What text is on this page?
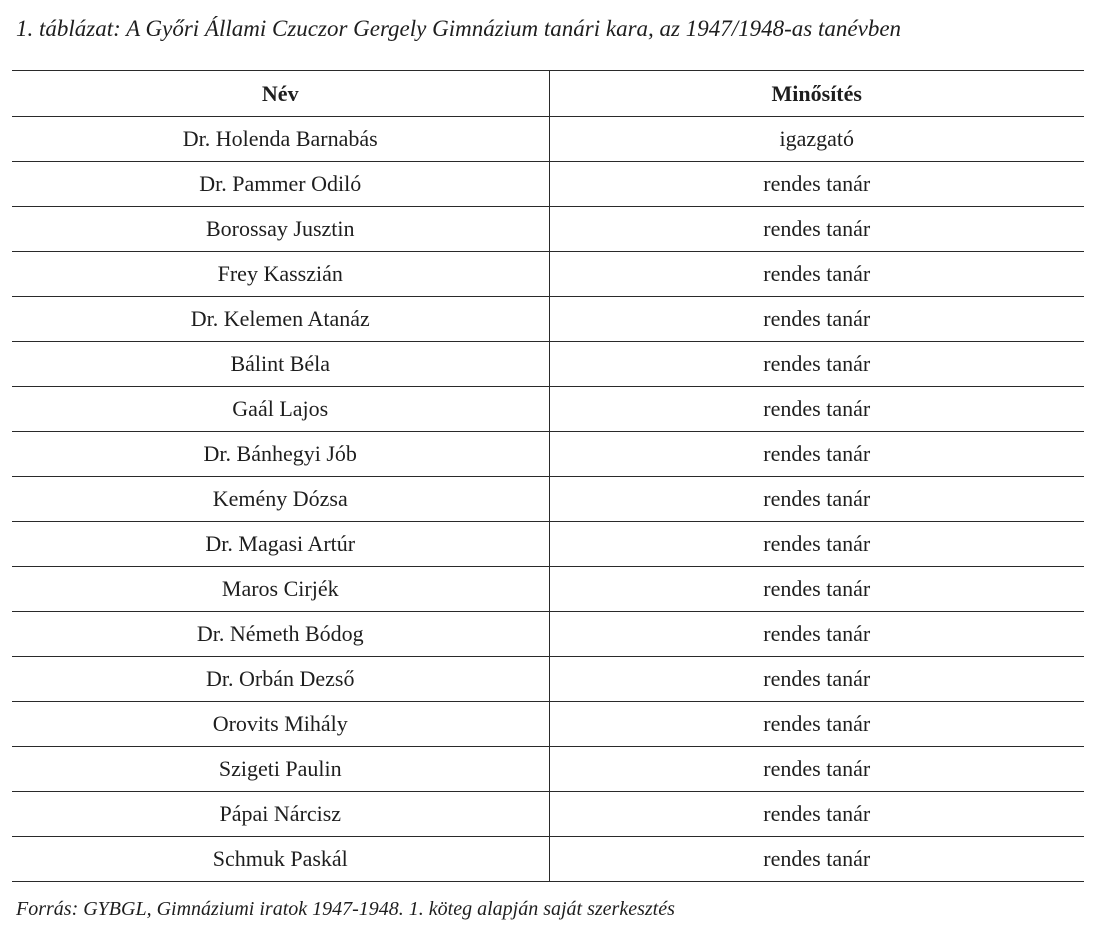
1. táblázat: A Győri Állami Czuczor Gergely Gimnázium tanári kara, az 1947/1948-as tanévben
Név	Minősítés
Dr. Holenda Barnabás	igazgató
Dr. Pammer Odiló	rendes tanár
Borossay Jusztin	rendes tanár
Frey Kasszián	rendes tanár
Dr. Kelemen Atanáz	rendes tanár
Bálint Béla	rendes tanár
Gaál Lajos	rendes tanár
Dr. Bánhegyi Jób	rendes tanár
Kemény Dózsa	rendes tanár
Dr. Magasi Artúr	rendes tanár
Maros Cirjék	rendes tanár
Dr. Németh Bódog	rendes tanár
Dr. Orbán Dezső	rendes tanár
Orovits Mihály	rendes tanár
Szigeti Paulin	rendes tanár
Pápai Nárcisz	rendes tanár
Schmuk Paskál	rendes tanár
Forrás: GYBGL, Gimnáziumi iratok 1947-1948. 1. köteg alapján saját szerkesztés
